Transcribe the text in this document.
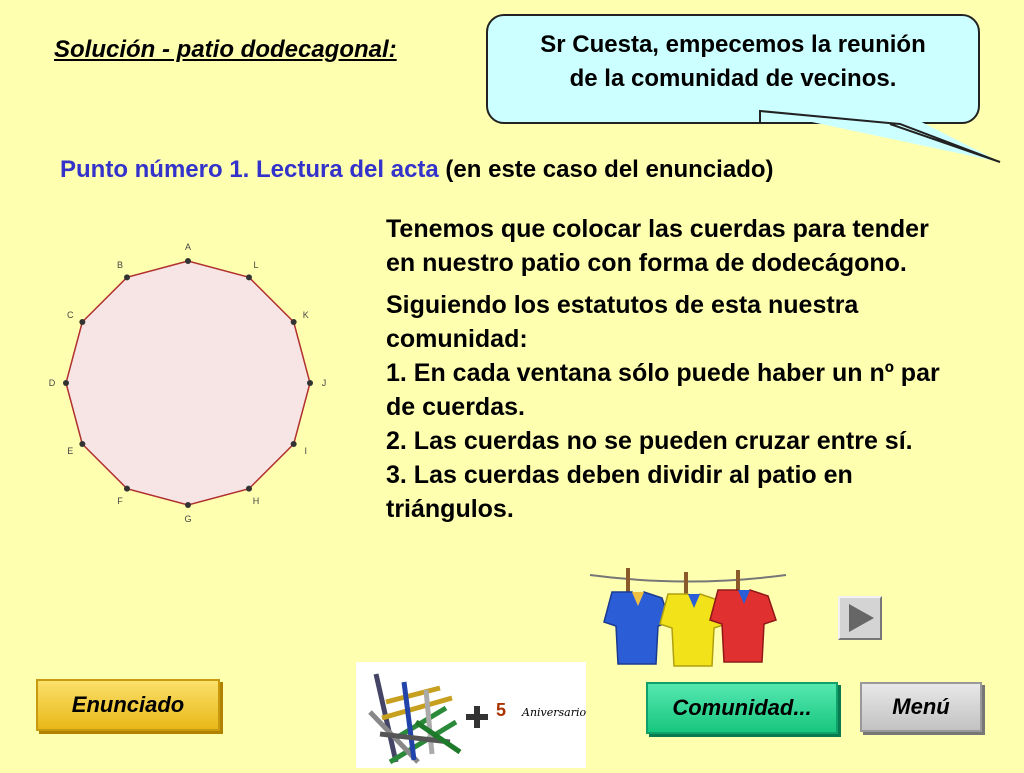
Solución - patio dodecagonal:	Sr Cuesta, empecemos la reunión
de la comunidad de vecinos.
Punto número 1. Lectura del acta (en este caso del enunciado)

Tenemos que colocar las cuerdas para tender en nuestro patio con forma de dodecágono.

Siguiendo los estatutos de esta nuestra comunidad:

1. En cada ventana sólo puede haber un nº par de cuerdas.

2. Las cuerdas no se pueden cruzar entre sí.

3. Las cuerdas deben dividir al patio en triángulos.

A
B
C
D
E
F
G
H
I
J
K
L
5 Aniversario
Enunciado	Comunidad...	Menú
